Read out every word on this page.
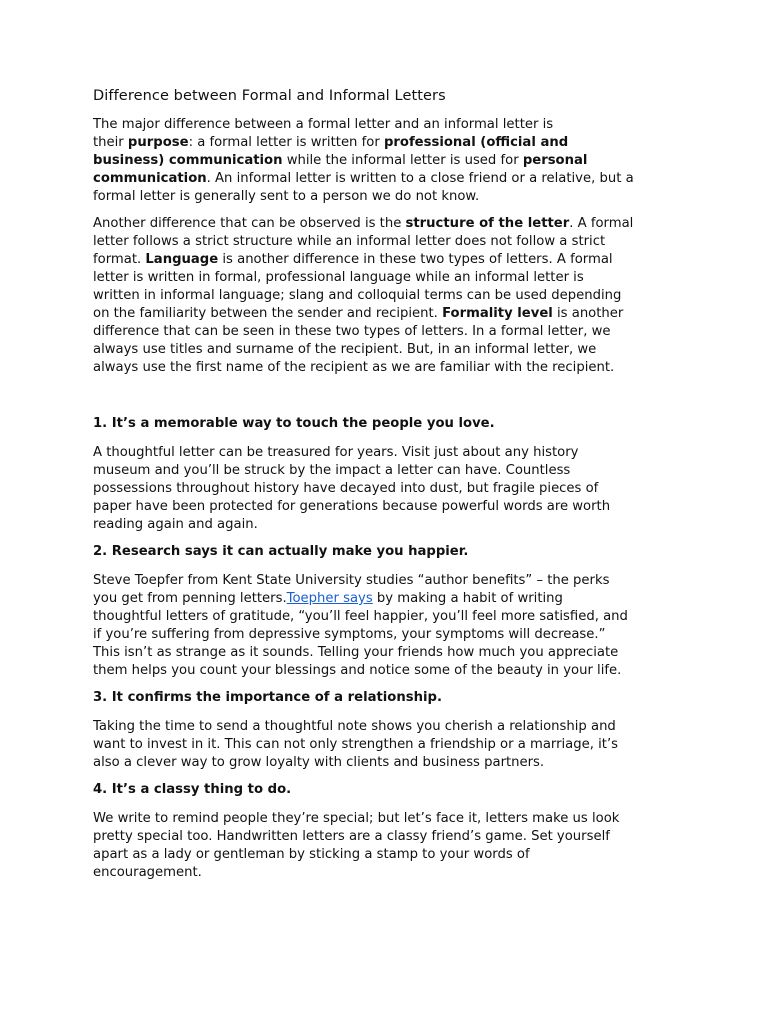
Difference between Formal and Informal Letters

The major difference between a formal letter and an informal letter is
their purpose: a formal letter is written for professional (official and
business) communication while the informal letter is used for personal
communication. An informal letter is written to a close friend or a relative, but a
formal letter is generally sent to a person we do not know.

Another difference that can be observed is the structure of the letter. A formal
letter follows a strict structure while an informal letter does not follow a strict
format. Language is another difference in these two types of letters. A formal
letter is written in formal, professional language while an informal letter is
written in informal language; slang and colloquial terms can be used depending
on the familiarity between the sender and recipient. Formality level is another
difference that can be seen in these two types of letters. In a formal letter, we
always use titles and surname of the recipient. But, in an informal letter, we
always use the first name of the recipient as we are familiar with the recipient.

1. It’s a memorable way to touch the people you love.

A thoughtful letter can be treasured for years. Visit just about any history
museum and you’ll be struck by the impact a letter can have. Countless
possessions throughout history have decayed into dust, but fragile pieces of
paper have been protected for generations because powerful words are worth
reading again and again.

2. Research says it can actually make you happier.

Steve Toepfer from Kent State University studies “author benefits” – the perks
you get from penning letters.Toepher says by making a habit of writing
thoughtful letters of gratitude, “you’ll feel happier, you’ll feel more satisfied, and
if you’re suffering from depressive symptoms, your symptoms will decrease.”
This isn’t as strange as it sounds. Telling your friends how much you appreciate
them helps you count your blessings and notice some of the beauty in your life.

3. It confirms the importance of a relationship.

Taking the time to send a thoughtful note shows you cherish a relationship and
want to invest in it. This can not only strengthen a friendship or a marriage, it’s
also a clever way to grow loyalty with clients and business partners.

4. It’s a classy thing to do.

We write to remind people they’re special; but let’s face it, letters make us look
pretty special too. Handwritten letters are a classy friend’s game. Set yourself
apart as a lady or gentleman by sticking a stamp to your words of
encouragement.
